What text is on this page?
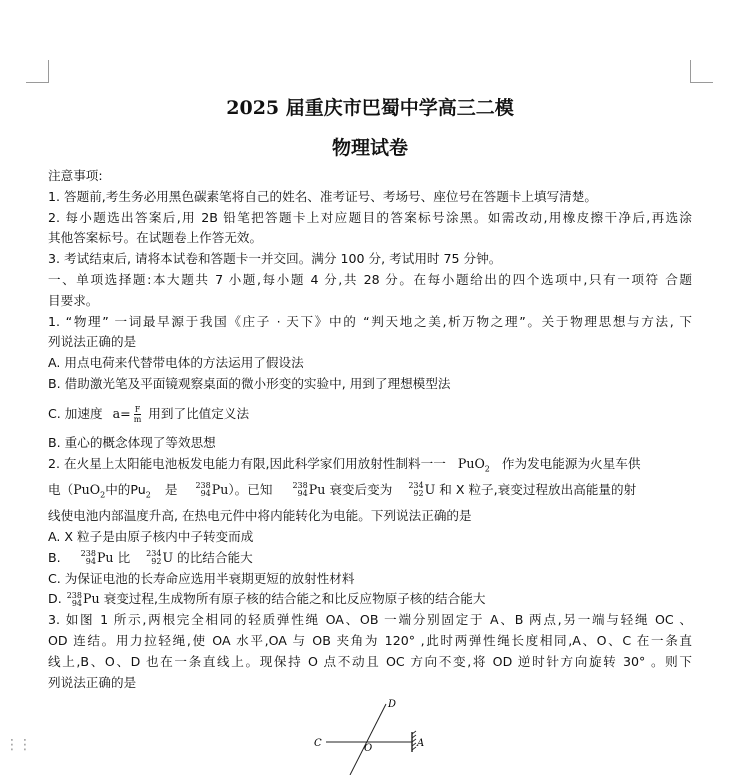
⋮⋮
2025 届重庆市巴蜀中学高三二模
物理试卷
注意事项:
1. 答题前,考生务必用黑色碳素笔将自己的姓名、准考证号、考场号、座位号在答题卡上填写清楚。
2. 每小题选出答案后,用 2B 铅笔把答题卡上对应题目的答案标号涂黑。如需改动,用橡皮擦干净后,再选涂
其他答案标号。在试题卷上作答无效。
3. 考试结束后, 请将本试卷和答题卡一并交回。满分 100 分, 考试用时 75 分钟。
一、单项选择题:本大题共 7 小题,每小题 4 分,共 28 分。在每小题给出的四个选项中,只有一项符 合题
目要求。
1. “物理” 一词最早源于我国《庄子 · 天下》中的 “判天地之美,析万物之理”。关于物理思想与方法, 下
列说法正确的是
A. 用点电荷来代替带电体的方法运用了假设法
B. 借助激光笔及平面镜观察桌面的微小形变的实验中, 用到了理想模型法
C. 加速度 $a= \frac{F}{m}$ 用到了比值定义法
B. 重心的概念体现了等效思想
2. 在火星上太阳能电池板发电能力有限,因此科学家们用放射性制料一一 PuO$_2$ 作为发电能源为火星车供
电（PuO$_2$中的$Pu_2$ 是 238
94 Pu）。已知	238
94 Pu 衰变后变为 234
92 U 和 X 粒子,衰变过程放出高能量的射
线使电池内部温度升高, 在热电元件中将内能转化为电能。下列说法正确的是
A. X 粒子是由原子核内中子转变而成
B.	238
94 Pu 比 234
92 U 的比结合能大
C. 为保证电池的长寿命应选用半衰期更短的放射性材料
D. 238
94 Pu 衰变过程,生成物所有原子核的结合能之和比反应物原子核的结合能大
3. 如图 1 所示,两根完全相同的轻质弹性绳 OA、OB 一端分别固定于 A、B 两点,另一端与轻绳 OC 、
OD 连结。用力拉轻绳,使 OA 水平,OA 与 OB 夹角为 120° ,此时两弹性绳长度相同,A、O、C 在一条直
线上,B、O、D 也在一条直线上。现保持 O 点不动且 OC 方向不变,将 OD 逆时针方向旋转 30° 。则下
列说法正确的是
C	O
D
A
